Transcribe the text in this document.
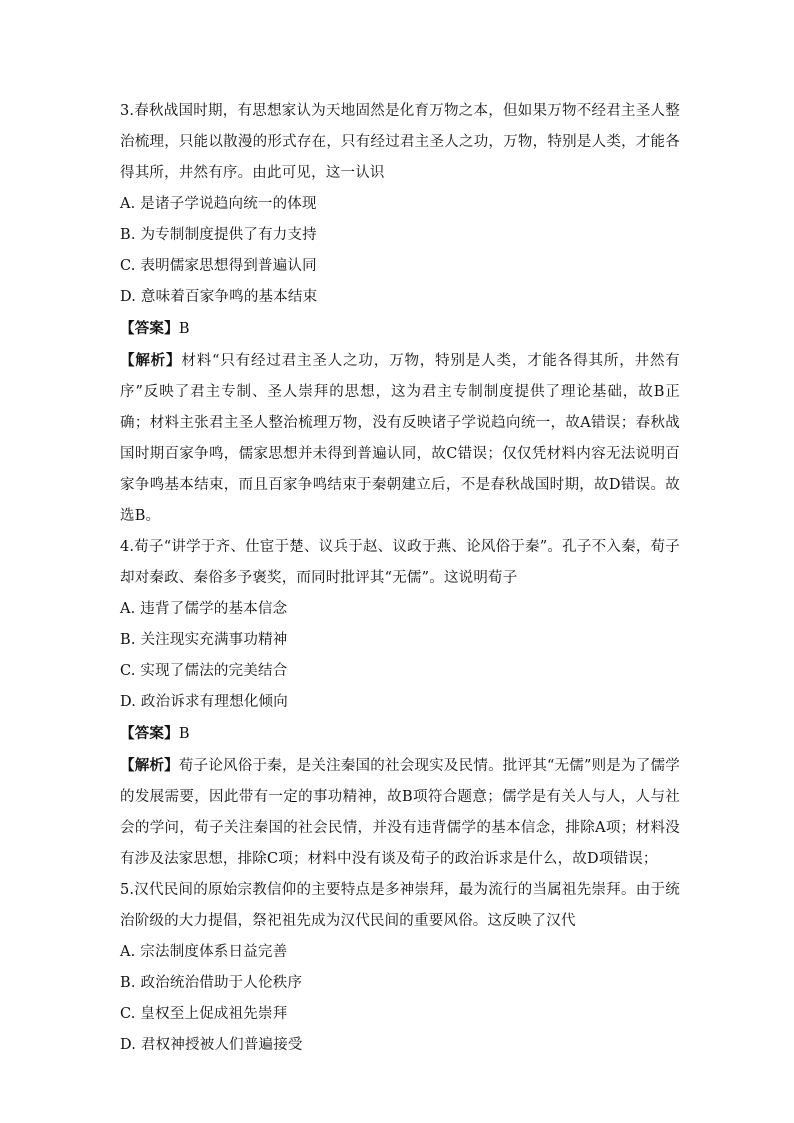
3.春秋战国时期，有思想家认为天地固然是化育万物之本，但如果万物不经君主圣人整治梳理，只能以散漫的形式存在，只有经过君主圣人之功，万物，特别是人类，才能各得其所，井然有序。由此可见，这一认识

A. 是诸子学说趋向统一的体现

B. 为专制制度提供了有力支持

C. 表明儒家思想得到普遍认同

D. 意味着百家争鸣的基本结束

【答案】B

【解析】材料“只有经过君主圣人之功，万物，特别是人类，才能各得其所，井然有序”反映了君主专制、圣人崇拜的思想，这为君主专制制度提供了理论基础，故B正确；材料主张君主圣人整治梳理万物，没有反映诸子学说趋向统一，故A错误；春秋战国时期百家争鸣，儒家思想并未得到普遍认同，故C错误；仅仅凭材料内容无法说明百家争鸣基本结束，而且百家争鸣结束于秦朝建立后，不是春秋战国时期，故D错误。故选B。

4.荀子“讲学于齐、仕宦于楚、议兵于赵、议政于燕、论风俗于秦”。孔子不入秦，荀子却对秦政、秦俗多予褒奖，而同时批评其“无儒”。这说明荀子

A. 违背了儒学的基本信念

B. 关注现实充满事功精神

C. 实现了儒法的完美结合

D. 政治诉求有理想化倾向

【答案】B

【解析】荀子论风俗于秦，是关注秦国的社会现实及民情。批评其“无儒”则是为了儒学的发展需要，因此带有一定的事功精神，故B项符合题意；儒学是有关人与人，人与社会的学问，荀子关注秦国的社会民情，并没有违背儒学的基本信念，排除A项；材料没有涉及法家思想，排除C项；材料中没有谈及荀子的政治诉求是什么，故D项错误；

5.汉代民间的原始宗教信仰的主要特点是多神崇拜，最为流行的当属祖先崇拜。由于统治阶级的大力提倡，祭祀祖先成为汉代民间的重要风俗。这反映了汉代

A. 宗法制度体系日益完善

B. 政治统治借助于人伦秩序

C. 皇权至上促成祖先崇拜

D. 君权神授被人们普遍接受
